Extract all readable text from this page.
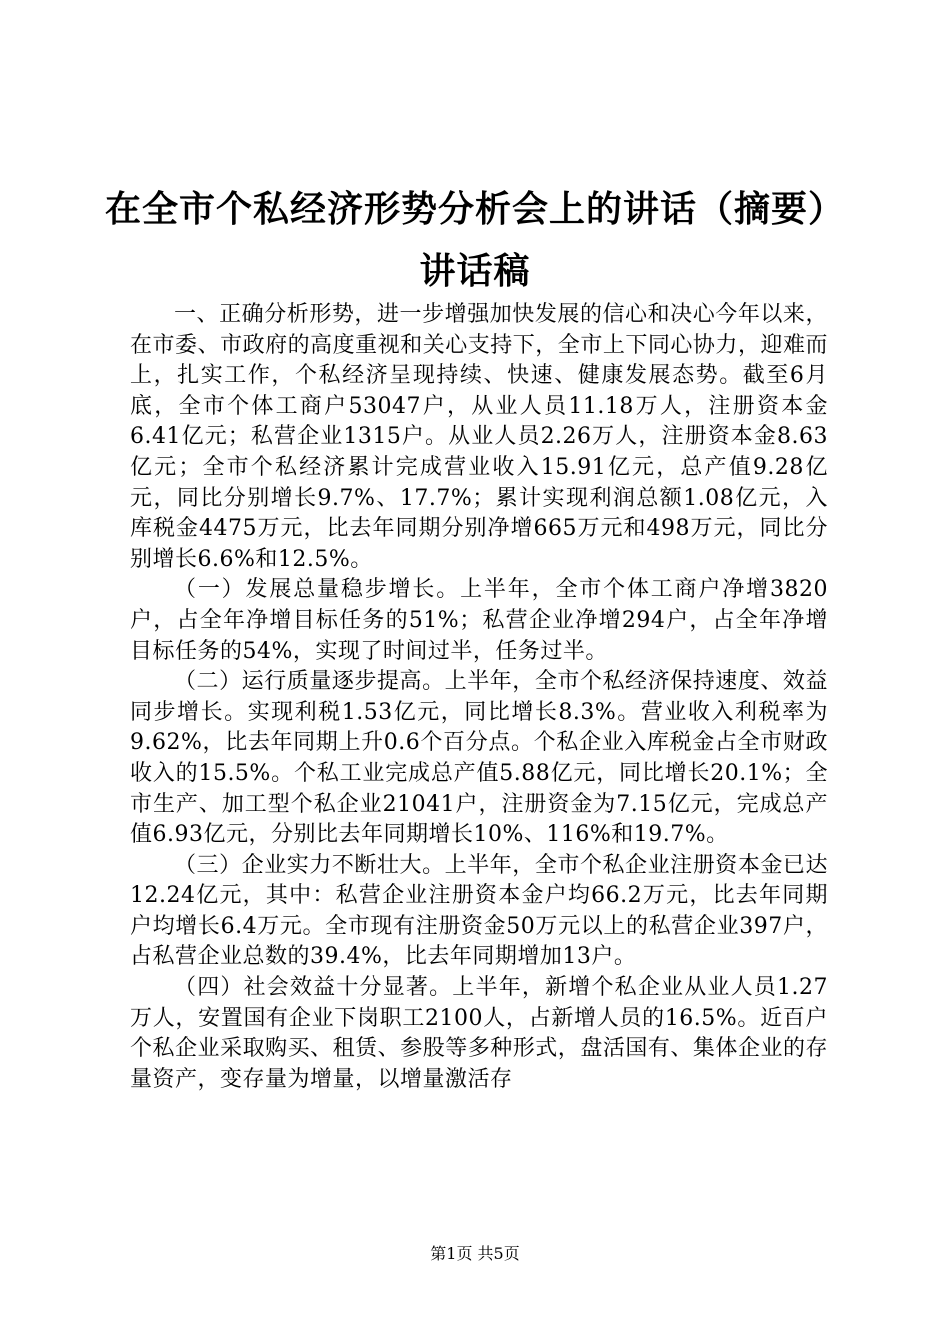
在全市个私经济形势分析会上的讲话（摘要）
讲话稿

一、正确分析形势，进一步增强加快发展的信心和决心今年以来，在市委、市政府的高度重视和关心支持下，全市上下同心协力，迎难而上，扎实工作，个私经济呈现持续、快速、健康发展态势。截至6月底，全市个体工商户53047户，从业人员11.18万人，注册资本金6.41亿元；私营企业1315户。从业人员2.26万人，注册资本金8.63亿元；全市个私经济累计完成营业收入15.91亿元，总产值9.28亿元，同比分别增长9.7%、17.7%；累计实现利润总额1.08亿元，入库税金4475万元，比去年同期分别净增665万元和498万元，同比分别增长6.6%和12.5%。

（一）发展总量稳步增长。上半年，全市个体工商户净增3820户，占全年净增目标任务的51%；私营企业净增294户，占全年净增目标任务的54%，实现了时间过半，任务过半。

（二）运行质量逐步提高。上半年，全市个私经济保持速度、效益同步增长。实现利税1.53亿元，同比增长8.3%。营业收入利税率为9.62%，比去年同期上升0.6个百分点。个私企业入库税金占全市财政收入的15.5%。个私工业完成总产值5.88亿元，同比增长20.1%；全市生产、加工型个私企业21041户，注册资金为7.15亿元，完成总产值6.93亿元，分别比去年同期增长10%、116%和19.7%。

（三）企业实力不断壮大。上半年，全市个私企业注册资本金已达12.24亿元，其中：私营企业注册资本金户均66.2万元，比去年同期户均增长6.4万元。全市现有注册资金50万元以上的私营企业397户，占私营企业总数的39.4%，比去年同期增加13户。

（四）社会效益十分显著。上半年，新增个私企业从业人员1.27万人，安置国有企业下岗职工2100人，占新增人员的16.5%。近百户个私企业采取购买、租赁、参股等多种形式，盘活国有、集体企业的存量资产，变存量为增量，以增量激活存

第1页 共5页
